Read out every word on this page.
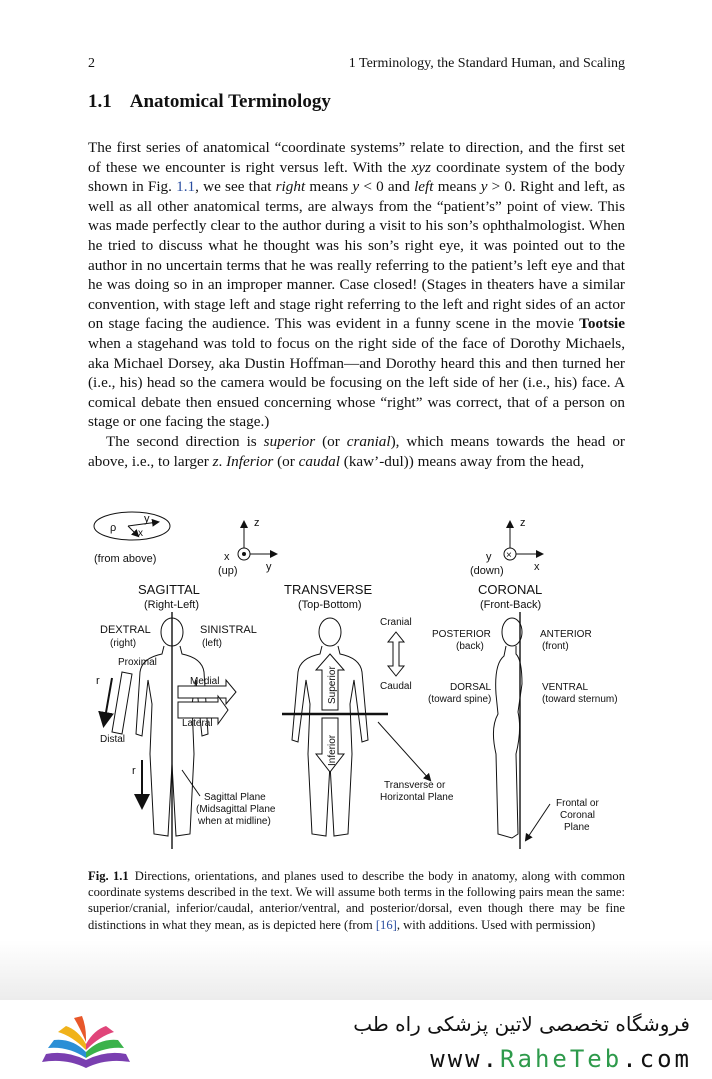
2	1 Terminology, the Standard Human, and Scaling
1.1 Anatomical Terminology

The first series of anatomical “coordinate systems” relate to direction, and the first set of these we encounter is right versus left. With the xyz coordinate system of the body shown in Fig. 1.1, we see that right means y < 0 and left means y > 0. Right and left, as well as all other anatomical terms, are always from the “patient’s” point of view. This was made perfectly clear to the author during a visit to his son’s ophthalmologist. When he tried to discuss what he thought was his son’s right eye, it was pointed out to the author in no uncertain terms that he was really referring to the patient’s left eye and that he was doing so in an improper manner. Case closed! (Stages in theaters have a similar convention, with stage left and stage right referring to the left and right sides of an actor on stage facing the audience. This was evident in a funny scene in the movie Tootsie when a stagehand was told to focus on the right side of the face of Dorothy Michaels, aka Michael Dorsey, aka Dustin Hoffman—and Dorothy heard this and then turned her (i.e., his) head so the camera would be focusing on the left side of her (i.e., his) face. A comical debate then ensued concerning whose “right” was correct, that of a person on stage or one facing the stage.)

The second direction is superior (or cranial), which means towards the head or above, i.e., to larger z. Inferior (or caudal (kaw’-dul)) means away from the head,

ρ
y
x
(from above)
z
x
y
(up)
×
z
y
x
(down)
SAGITTAL
(Right-Left)
TRANSVERSE
(Top-Bottom)
CORONAL
(Front-Back)
DEXTRAL
(right)
SINISTRAL
(left)
Proximal
Medial
Lateral
Distal
r
r
Sagittal Plane
(Midsagittal Plane
when at midline)
Superior
Inferior
Cranial
Caudal
Transverse or
Horizontal Plane
POSTERIOR
(back)
ANTERIOR
(front)
DORSAL
(toward spine)
VENTRAL
(toward sternum)
Frontal or
Coronal
Plane
Fig. 1.1 Directions, orientations, and planes used to describe the body in anatomy, along with common coordinate systems described in the text. We will assume both terms in the following pairs mean the same: superior/cranial, inferior/caudal, anterior/ventral, and posterior/dorsal, even though there may be fine distinctions in what they mean, as is depicted here (from [16], with additions. Used with permission)
فروشگاه تخصصی لاتین پزشکی راه طب
www.RaheTeb.com
